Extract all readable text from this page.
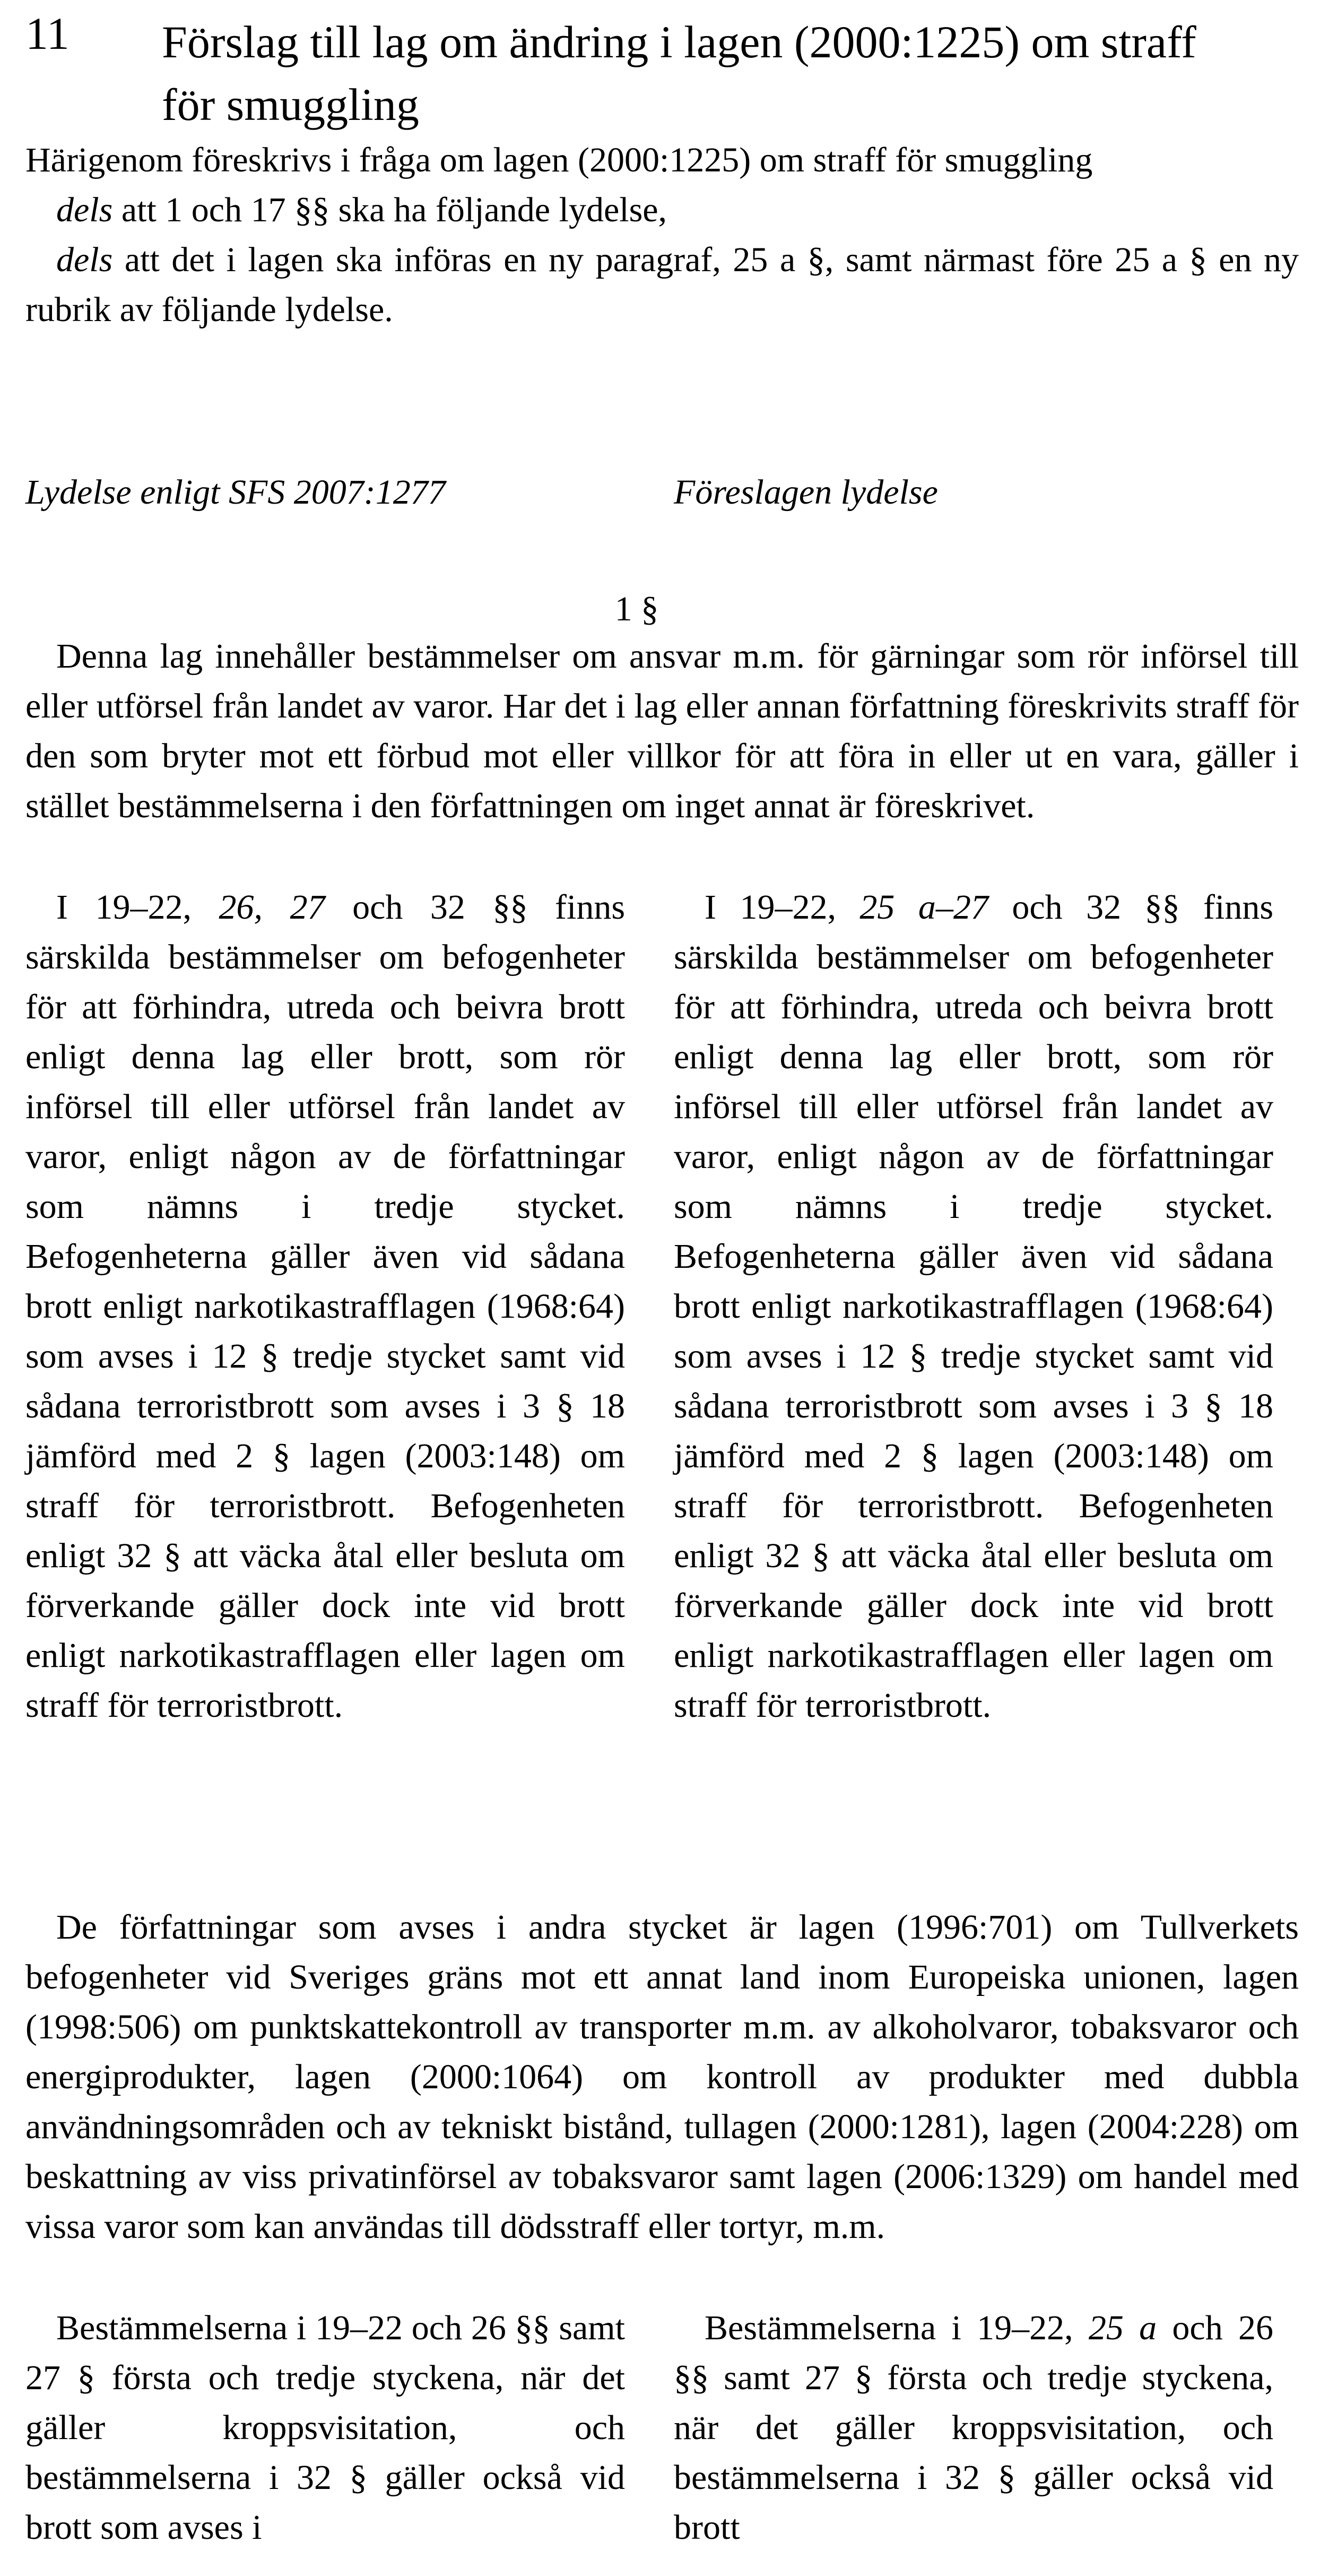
11 Förslag till lag om ändring i lagen (2000:1225) om straff för smuggling

Härigenom föreskrivs i fråga om lagen (2000:1225) om straff för smuggling

dels att 1 och 17 §§ ska ha följande lydelse,

dels att det i lagen ska införas en ny paragraf, 25 a §, samt närmast före 25 a § en ny rubrik av följande lydelse.

Lydelse enligt SFS 2007:1277	Föreslagen lydelse
1 §
Denna lag innehåller bestämmelser om ansvar m.m. för gärningar som rör införsel till eller utförsel från landet av varor. Har det i lag eller annan författning föreskrivits straff för den som bryter mot ett förbud mot eller villkor för att föra in eller ut en vara, gäller i stället bestämmelserna i den författningen om inget annat är föreskrivet.
I 19–22, 26, 27 och 32 §§ finns särskilda bestämmelser om befogenheter för att förhindra, utreda och beivra brott enligt denna lag eller brott, som rör införsel till eller utförsel från landet av varor, enligt någon av de författningar som nämns i tredje stycket. Befogenheterna gäller även vid sådana brott enligt narkotikastrafflagen (1968:64) som avses i 12 § tredje stycket samt vid sådana terroristbrott som avses i 3 § 18 jämförd med 2 § lagen (2003:148) om straff för terroristbrott. Befogenheten enligt 32 § att väcka åtal eller besluta om förverkande gäller dock inte vid brott enligt narkotikastrafflagen eller lagen om straff för terroristbrott.
I 19–22, 25 a–27 och 32 §§ finns särskilda bestämmelser om befogenheter för att förhindra, utreda och beivra brott enligt denna lag eller brott, som rör införsel till eller utförsel från landet av varor, enligt någon av de författningar som nämns i tredje stycket. Befogenheterna gäller även vid sådana brott enligt narkotikastrafflagen (1968:64) som avses i 12 § tredje stycket samt vid sådana terroristbrott som avses i 3 § 18 jämförd med 2 § lagen (2003:148) om straff för terroristbrott. Befogenheten enligt 32 § att väcka åtal eller besluta om förverkande gäller dock inte vid brott enligt narkotikastrafflagen eller lagen om straff för terroristbrott.
De författningar som avses i andra stycket är lagen (1996:701) om Tullverkets befogenheter vid Sveriges gräns mot ett annat land inom Europeiska unionen, lagen (1998:506) om punktskattekontroll av transporter m.m. av alkoholvaror, tobaksvaror och energiprodukter, lagen (2000:1064) om kontroll av produkter med dubbla användningsområden och av tekniskt bistånd, tullagen (2000:1281), lagen (2004:228) om beskattning av viss privatinförsel av tobaksvaror samt lagen (2006:1329) om handel med vissa varor som kan användas till dödsstraff eller tortyr, m.m.
Bestämmelserna i 19–22 och 26 §§ samt 27 § första och tredje styckena, när det gäller kroppsvisitation, och bestämmelserna i 32 § gäller också vid brott som avses i
Bestämmelserna i 19–22, 25 a och 26 §§ samt 27 § första och tredje styckena, när det gäller kroppsvisitation, och bestämmelserna i 32 § gäller också vid brott
